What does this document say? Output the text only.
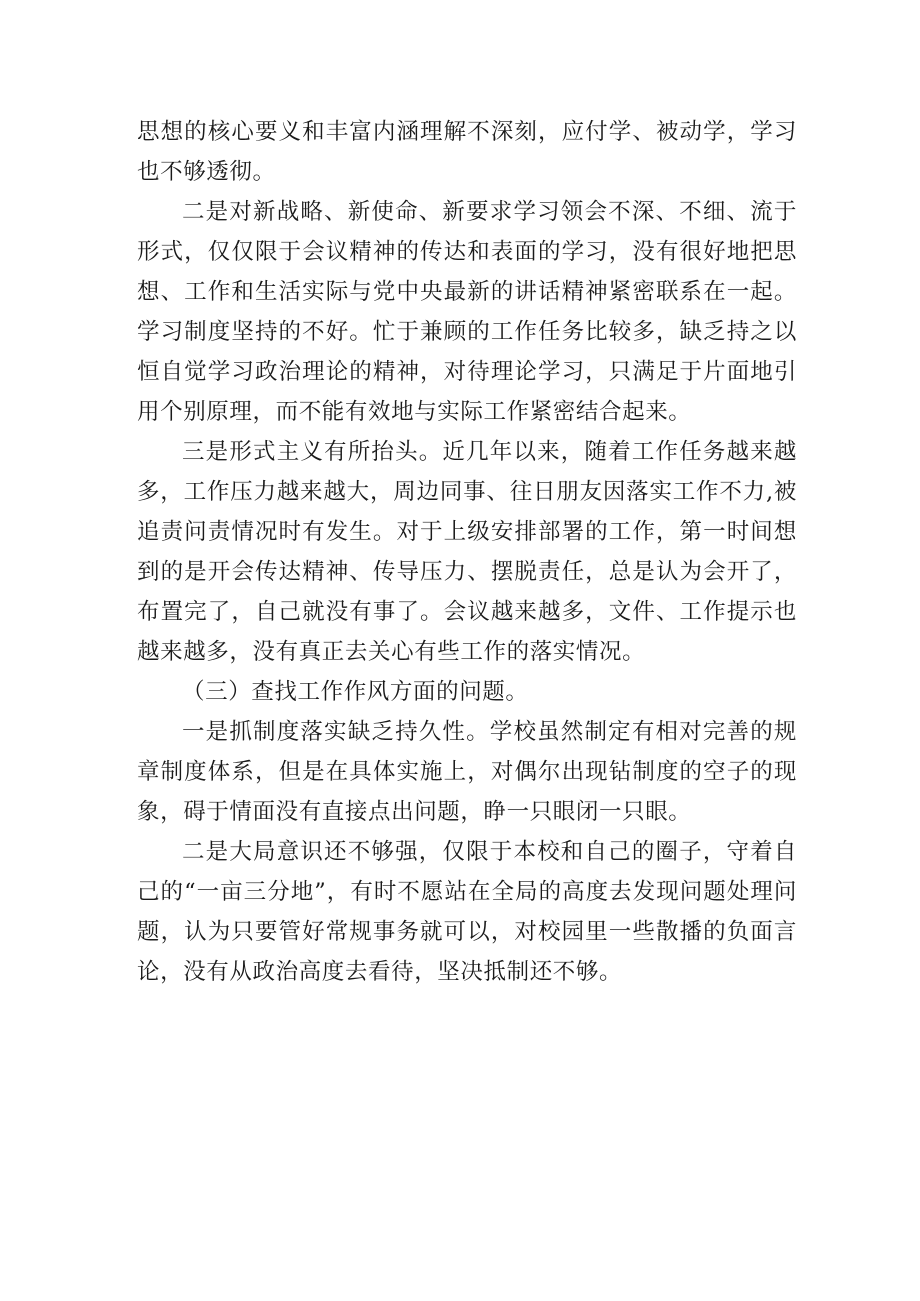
思想的核心要义和丰富内涵理解不深刻，应付学、被动学，学习也不够透彻。

二是对新战略、新使命、新要求学习领会不深、不细、流于形式，仅仅限于会议精神的传达和表面的学习，没有很好地把思想、工作和生活实际与党中央最新的讲话精神紧密联系在一起。学习制度坚持的不好。忙于兼顾的工作任务比较多，缺乏持之以恒自觉学习政治理论的精神，对待理论学习，只满足于片面地引用个别原理，而不能有效地与实际工作紧密结合起来。

三是形式主义有所抬头。近几年以来，随着工作任务越来越多，工作压力越来越大，周边同事、往日朋友因落实工作不力,被追责问责情况时有发生。对于上级安排部署的工作，第一时间想到的是开会传达精神、传导压力、摆脱责任，总是认为会开了，布置完了，自己就没有事了。会议越来越多，文件、工作提示也越来越多，没有真正去关心有些工作的落实情况。

（三）查找工作作风方面的问题。

一是抓制度落实缺乏持久性。学校虽然制定有相对完善的规章制度体系，但是在具体实施上，对偶尔出现钻制度的空子的现象，碍于情面没有直接点出问题，睁一只眼闭一只眼。

二是大局意识还不够强，仅限于本校和自己的圈子，守着自己的“一亩三分地”，有时不愿站在全局的高度去发现问题处理问题，认为只要管好常规事务就可以，对校园里一些散播的负面言论，没有从政治高度去看待，坚决抵制还不够。
